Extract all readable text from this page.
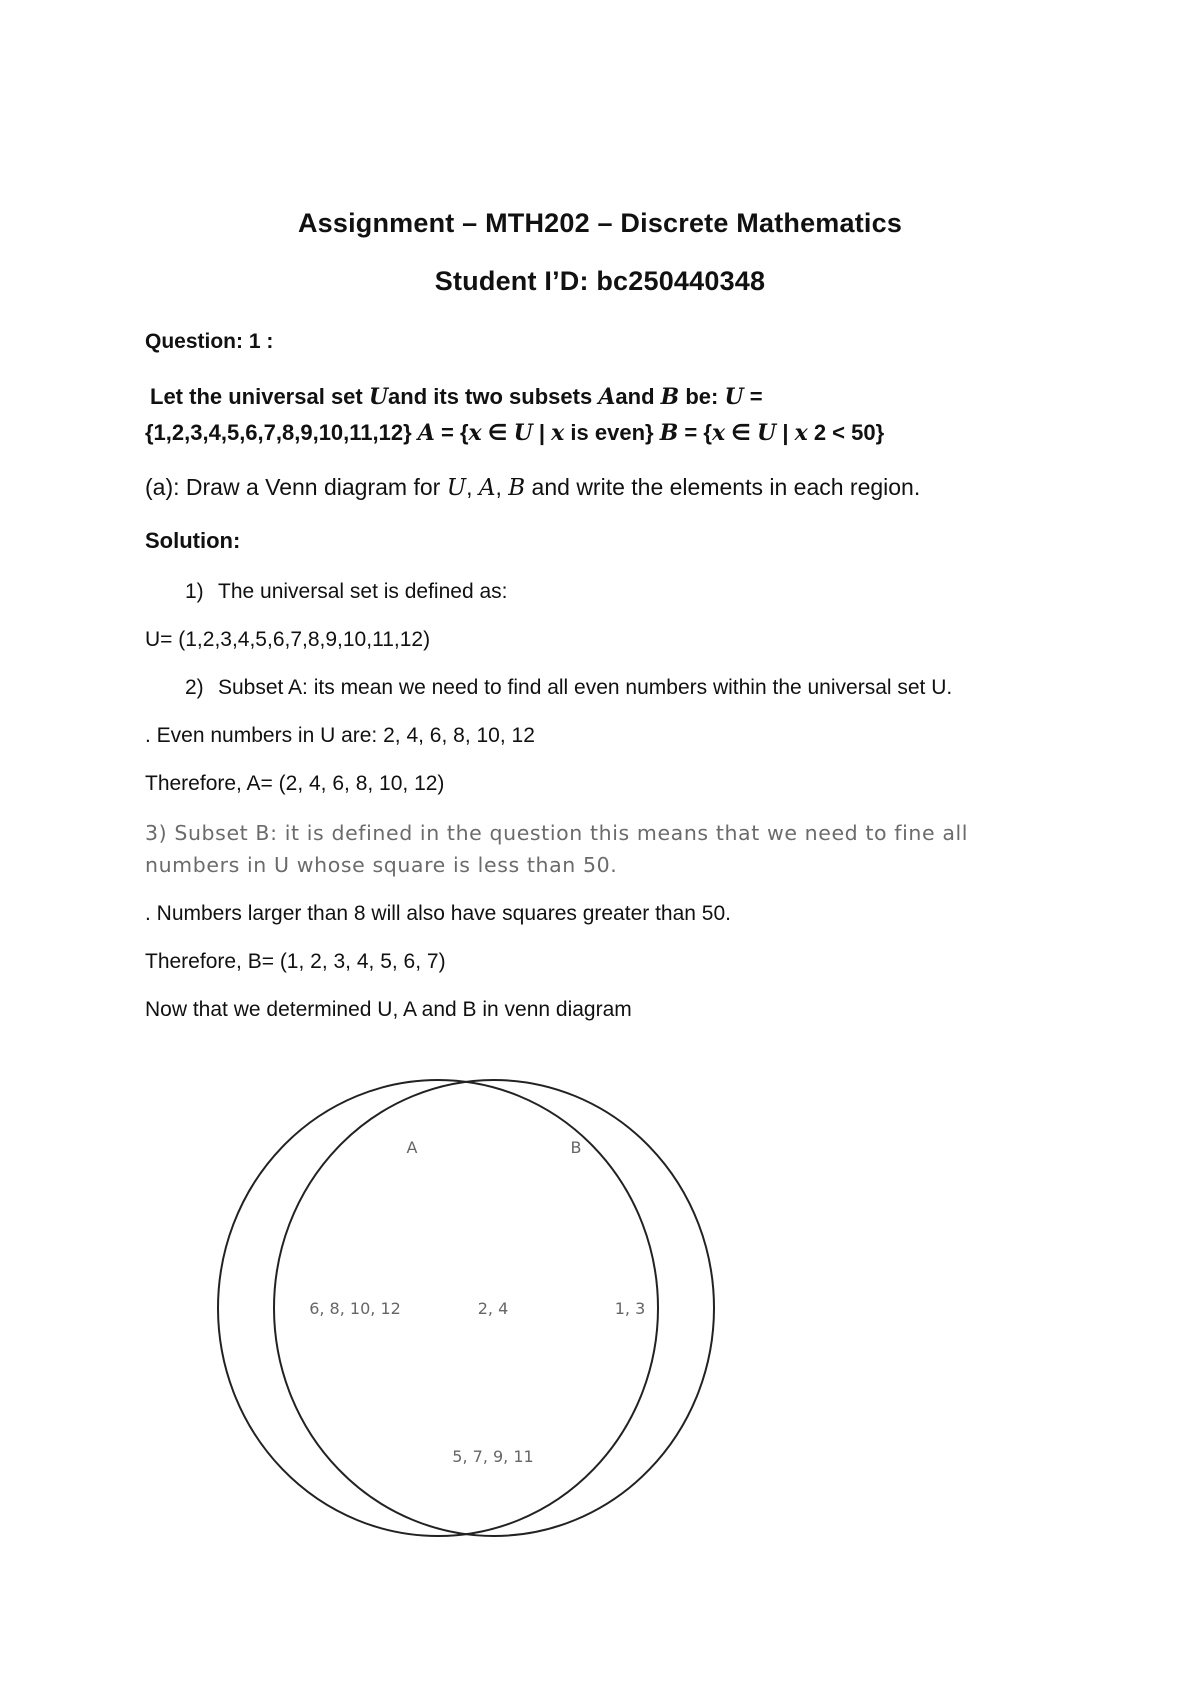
Assignment – MTH202 – Discrete Mathematics
Student I’D: bc250440348
Question: 1 :
Let the universal set Uand its two subsets Aand B be: U =
{1,2,3,4,5,6,7,8,9,10,11,12} A = {x ∈ U | x is even} B = {x ∈ U | x 2 < 50}
(a): Draw a Venn diagram for U, A, B and write the elements in each region.
Solution:
1) The universal set is defined as:
U= (1,2,3,4,5,6,7,8,9,10,11,12)
2) Subset A: its mean we need to find all even numbers within the universal set U.
. Even numbers in U are: 2, 4, 6, 8, 10, 12
Therefore, A= (2, 4, 6, 8, 10, 12)
3) Subset B: it is defined in the question this means that we need to fine all
numbers in U whose square is less than 50.
. Numbers larger than 8 will also have squares greater than 50.
Therefore, B= (1, 2, 3, 4, 5, 6, 7)
Now that we determined U, A and B in venn diagram
A	B
6, 8, 10, 12	2, 4	1, 3
5, 7, 9, 11
